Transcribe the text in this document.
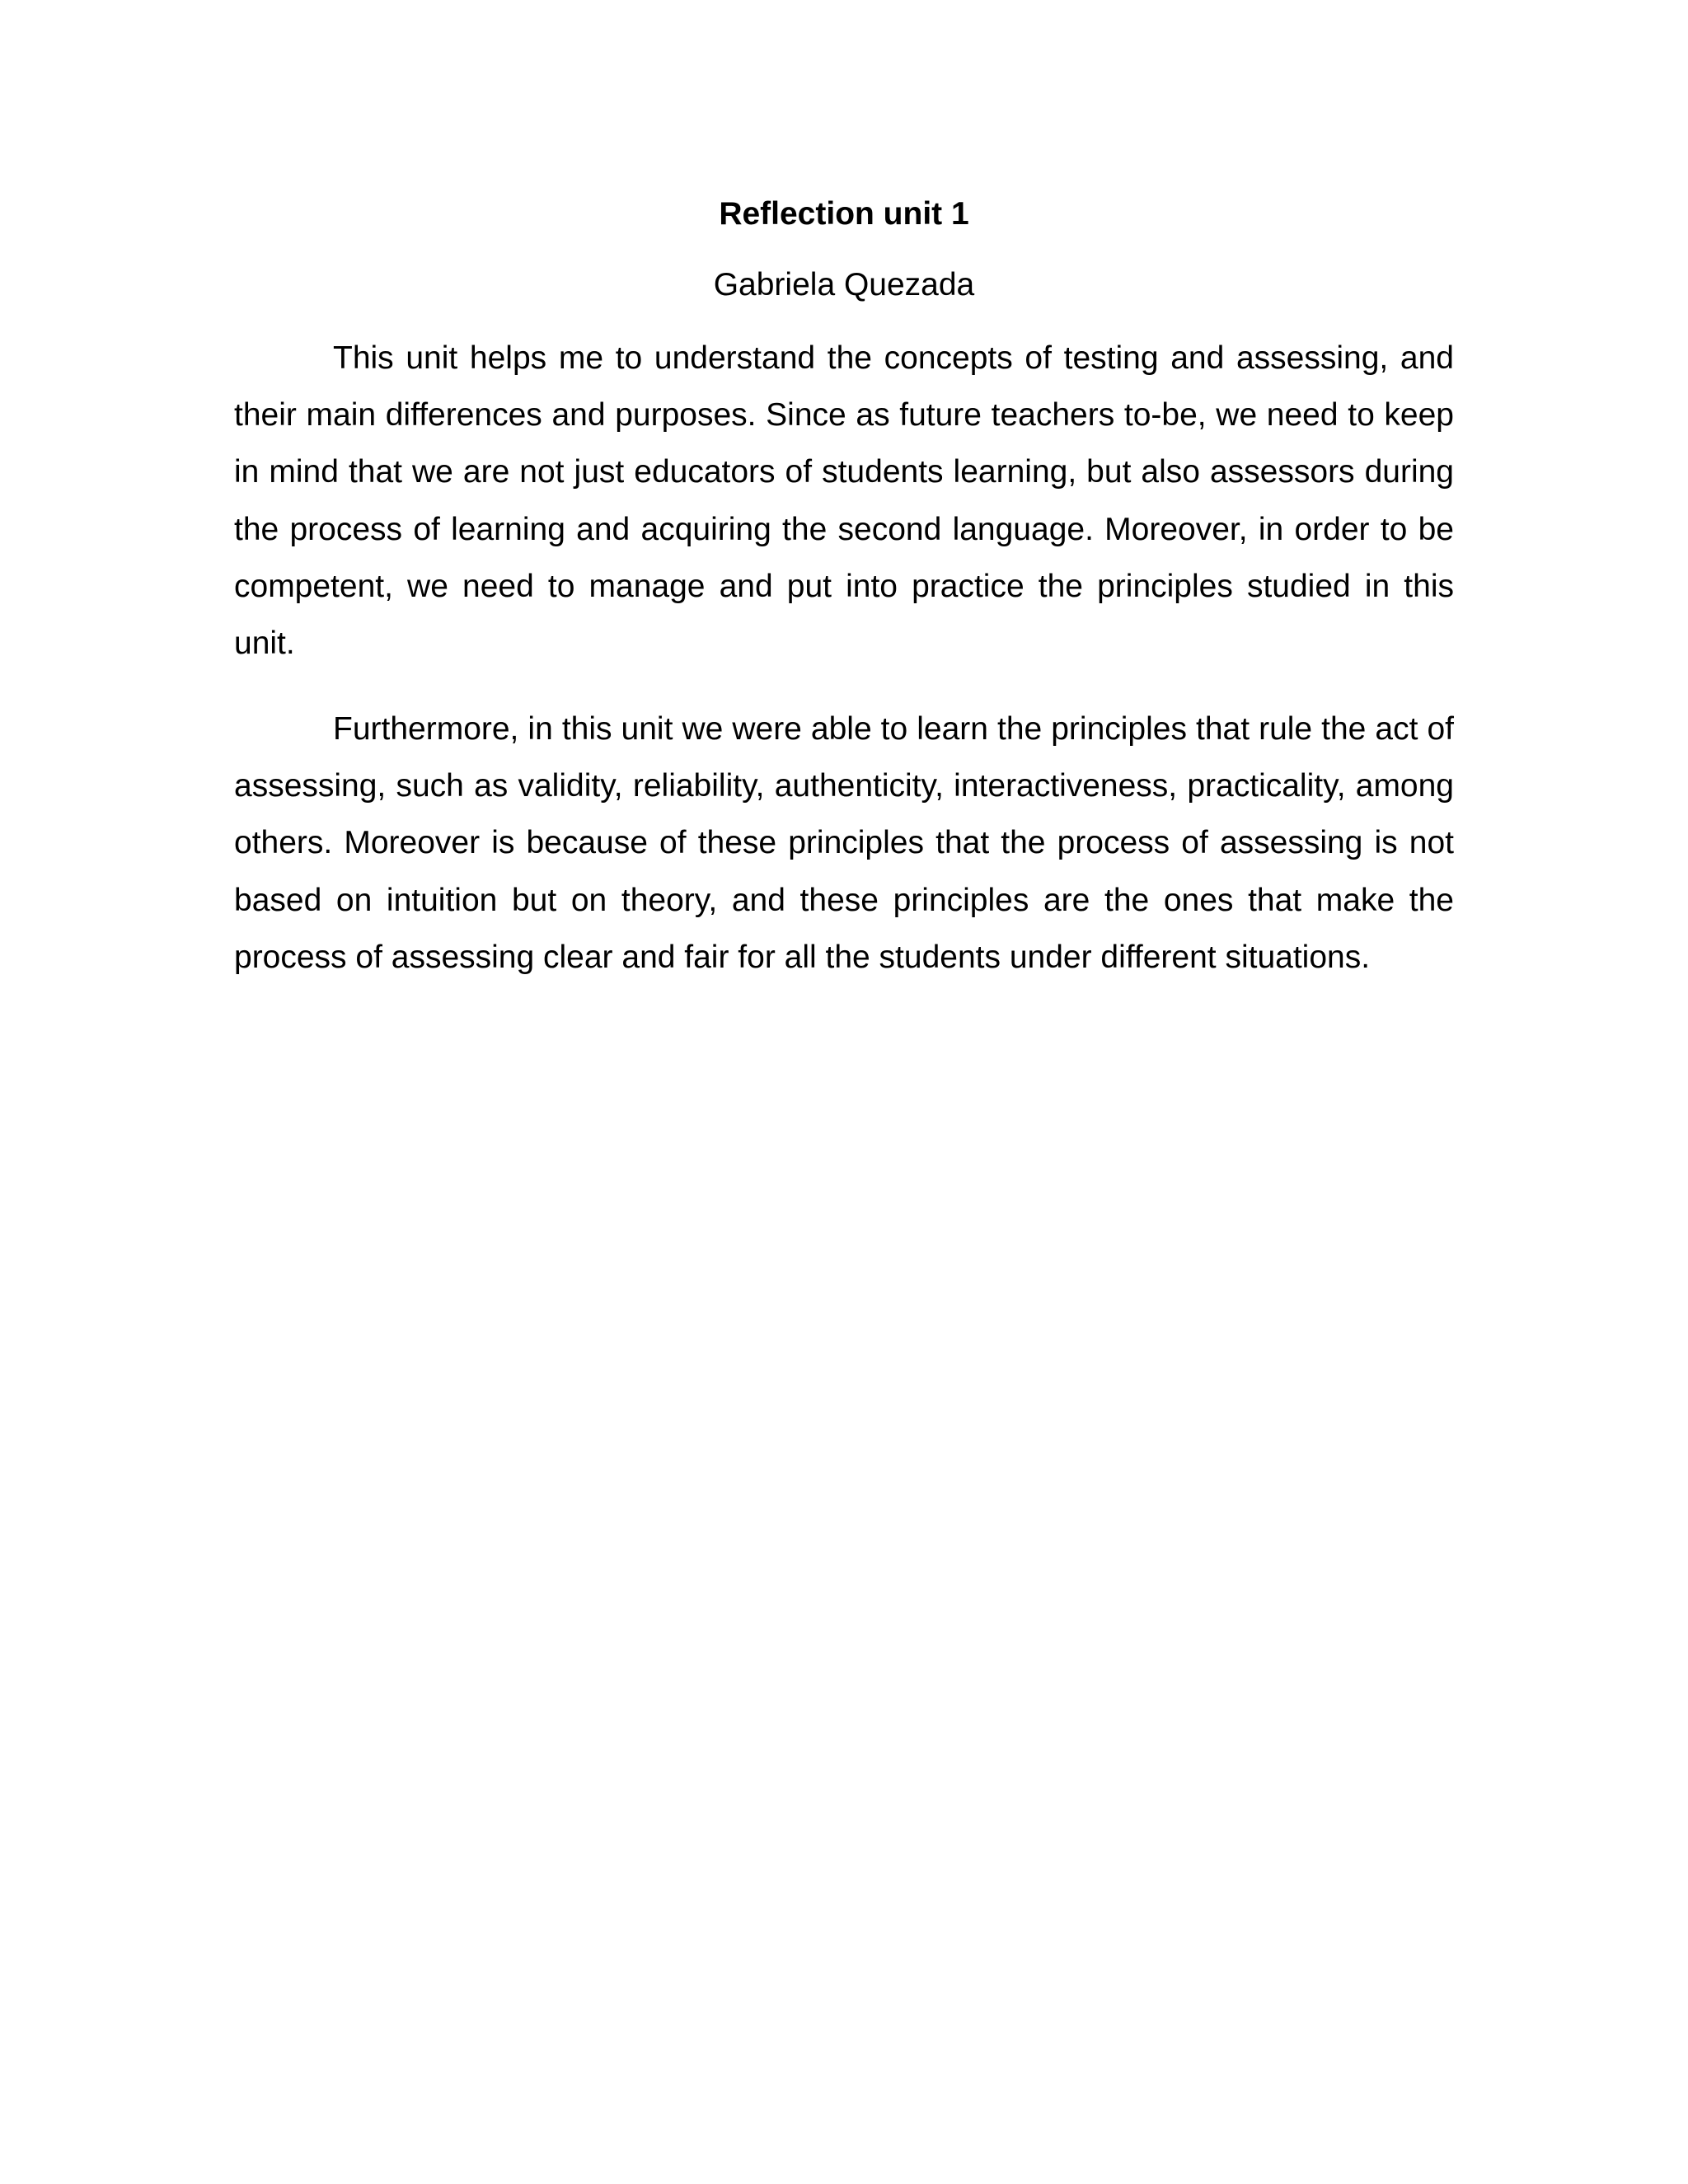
Reflection unit 1
Gabriela Quezada

This unit helps me to understand the concepts of testing and assessing, and their main differences and purposes. Since as future teachers to-be, we need to keep in mind that we are not just educators of students learning, but also assessors during the process of learning and acquiring the second language. Moreover, in order to be competent, we need to manage and put into practice the principles studied in this unit.

Furthermore, in this unit we were able to learn the principles that rule the act of assessing, such as validity, reliability, authenticity, interactiveness, practicality, among others. Moreover is because of these principles that the process of assessing is not based on intuition but on theory, and these principles are the ones that make the process of assessing clear and fair for all the students under different situations.
